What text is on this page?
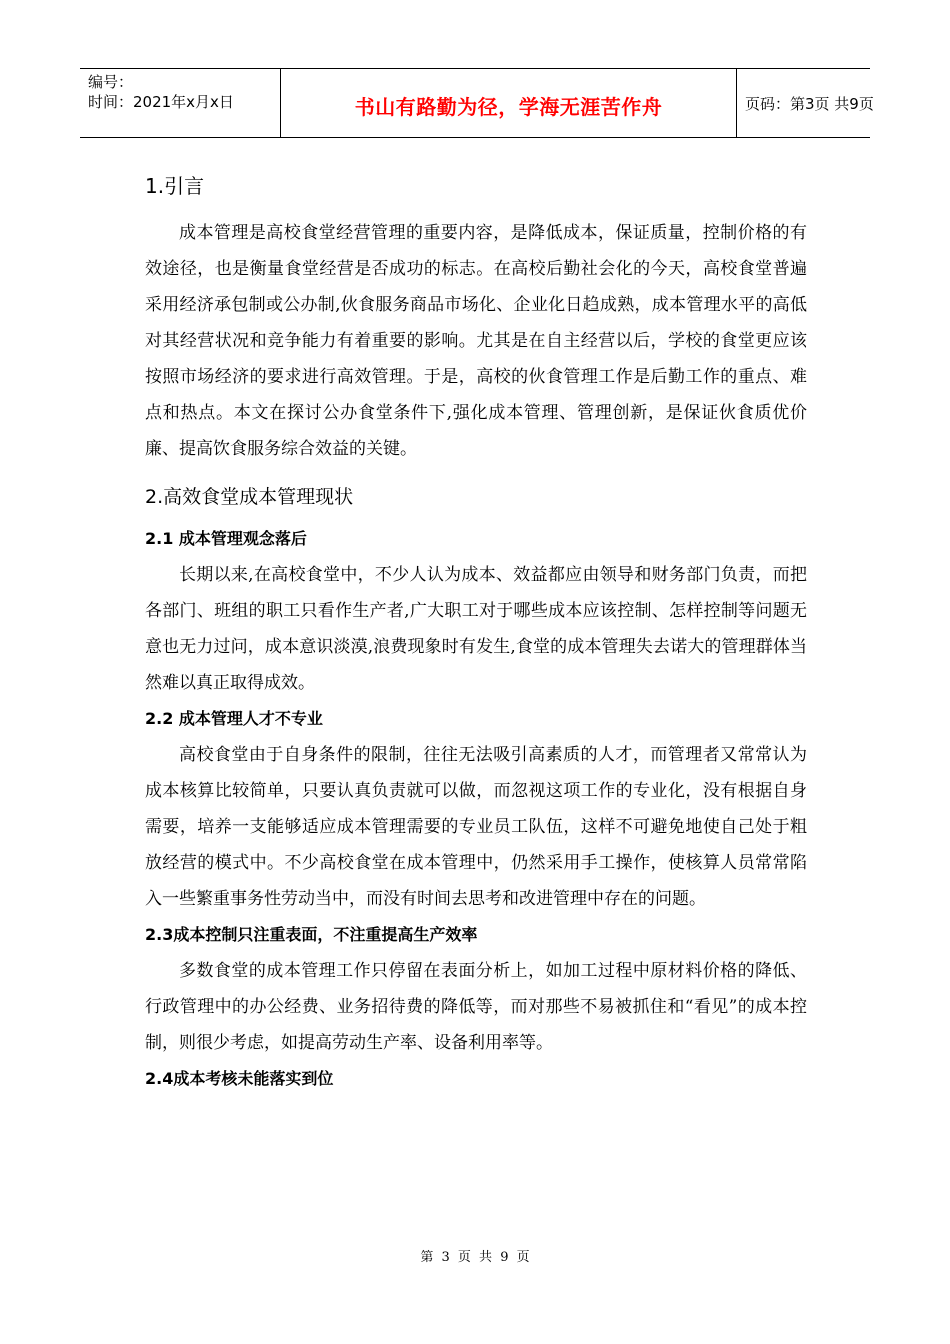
编号：
时间：2021年x月x日	书山有路勤为径，学海无涯苦作舟	页码：第3页 共9页
1.引言

成本管理是高校食堂经营管理的重要内容，是降低成本，保证质量，控制价格的有效途径，也是衡量食堂经营是否成功的标志。在高校后勤社会化的今天，高校食堂普遍采用经济承包制或公办制,伙食服务商品市场化、企业化日趋成熟，成本管理水平的高低对其经营状况和竞争能力有着重要的影响。尤其是在自主经营以后，学校的食堂更应该按照市场经济的要求进行高效管理。于是，高校的伙食管理工作是后勤工作的重点、难点和热点。本文在探讨公办食堂条件下,强化成本管理、管理创新，是保证伙食质优价廉、提高饮食服务综合效益的关键。

2.高效食堂成本管理现状
2.1 成本管理观念落后

长期以来,在高校食堂中，不少人认为成本、效益都应由领导和财务部门负责，而把各部门、班组的职工只看作生产者,广大职工对于哪些成本应该控制、怎样控制等问题无意也无力过问，成本意识淡漠,浪费现象时有发生,食堂的成本管理失去诺大的管理群体当然难以真正取得成效。

2.2 成本管理人才不专业

高校食堂由于自身条件的限制，往往无法吸引高素质的人才，而管理者又常常认为成本核算比较简单，只要认真负责就可以做，而忽视这项工作的专业化，没有根据自身需要，培养一支能够适应成本管理需要的专业员工队伍，这样不可避免地使自己处于粗放经营的模式中。不少高校食堂在成本管理中，仍然采用手工操作，使核算人员常常陷入一些繁重事务性劳动当中，而没有时间去思考和改进管理中存在的问题。

2.3成本控制只注重表面，不注重提高生产效率

多数食堂的成本管理工作只停留在表面分析上，如加工过程中原材料价格的降低、行政管理中的办公经费、业务招待费的降低等，而对那些不易被抓住和“看见”的成本控制，则很少考虑，如提高劳动生产率、设备利用率等。

2.4成本考核未能落实到位
第 3 页 共 9 页
